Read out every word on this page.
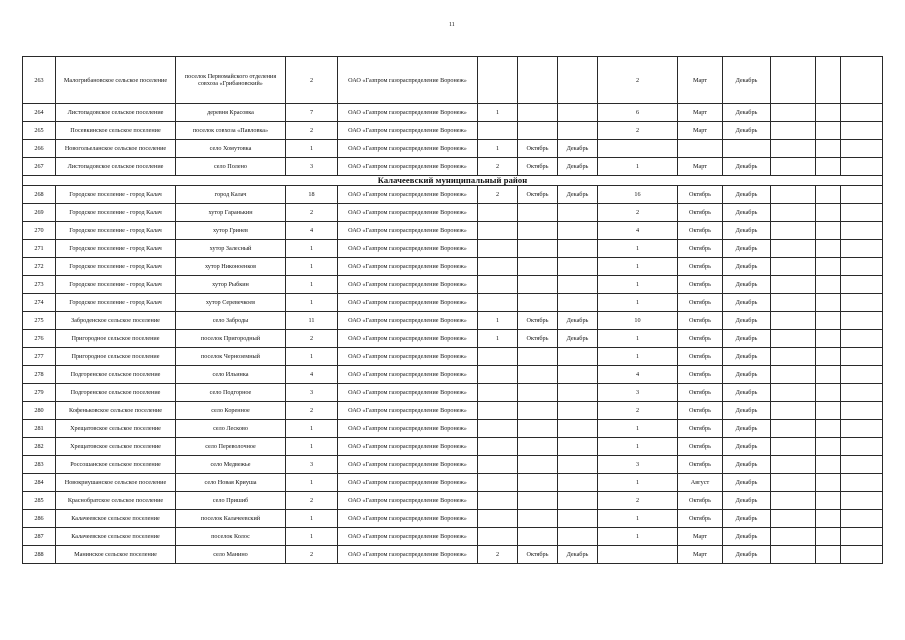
11
263	Малогрибановское сельское поселение	поселок Первомайского отделения совхоза «Грибановский»	2	ОАО «Газпром газораспределение Воронеж»				2	Март	Декабрь			
264	Листопадовское сельское поселение	деревня Красовка	7	ОАО «Газпром газораспределение Воронеж»	1			6	Март	Декабрь			
265	Посевкинское сельское поселение	поселок совхоза «Павловка»	2	ОАО «Газпром газораспределение Воронеж»				2	Март	Декабрь			
266	Новогольеланское сельское поселение	село Хомутовка	1	ОАО «Газпром газораспределение Воронеж»	1	Октябрь	Декабрь						
267	Листопадовское сельское поселение	село Полено	3	ОАО «Газпром газораспределение Воронеж»	2	Октябрь	Декабрь	1	Март	Декабрь			
Калачеевский муниципальный район													
268	Городское поселение - город Калач	город Калач	18	ОАО «Газпром газораспределение Воронеж»	2	Октябрь	Декабрь	16	Октябрь	Декабрь			
269	Городское поселение - город Калач	хутор Гаранькин	2	ОАО «Газпром газораспределение Воронеж»				2	Октябрь	Декабрь			
270	Городское поселение - город Калач	хутор Гринев	4	ОАО «Газпром газораспределение Воронеж»				4	Октябрь	Декабрь			
271	Городское поселение - город Калач	хутор Залесный	1	ОАО «Газпром газораспределение Воронеж»				1	Октябрь	Декабрь			
272	Городское поселение - город Калач	хутор Никоноенков	1	ОАО «Газпром газораспределение Воронеж»				1	Октябрь	Декабрь			
273	Городское поселение - город Калач	хутор Рыбкин	1	ОАО «Газпром газораспределение Воронеж»				1	Октябрь	Декабрь			
274	Городское поселение - город Калач	хутор Серевечкоев	1	ОАО «Газпром газораспределение Воронеж»				1	Октябрь	Декабрь			
275	Заброденское сельское поселение	село Заброды	11	ОАО «Газпром газораспределение Воронеж»	1	Октябрь	Декабрь	10	Октябрь	Декабрь			
276	Пригородное сельское поселение	поселок Пригородный	2	ОАО «Газпром газораспределение Воронеж»	1	Октябрь	Декабрь	1	Октябрь	Декабрь			
277	Пригородное сельское поселение	поселок Черноземный	1	ОАО «Газпром газораспределение Воронеж»				1	Октябрь	Декабрь			
278	Подгоренское сельское поселение	село Ильинка	4	ОАО «Газпром газораспределение Воронеж»				4	Октябрь	Декабрь			
279	Подгоренское сельское поселение	село Подгорное	3	ОАО «Газпром газораспределение Воронеж»				3	Октябрь	Декабрь			
280	Кофеньковское сельское поселение	село Коренное	2	ОАО «Газпром газораспределение Воронеж»				2	Октябрь	Декабрь			
281	Хрещатовское сельское поселение	село Лесково	1	ОАО «Газпром газораспределение Воронеж»				1	Октябрь	Декабрь			
282	Хрещатовское сельское поселение	село Переволочное	1	ОАО «Газпром газораспределение Воронеж»				1	Октябрь	Декабрь			
283	Россошанское сельское поселение	село Медвежье	3	ОАО «Газпром газораспределение Воронеж»				3	Октябрь	Декабрь			
284	Новокриушанское сельское поселение	село Новая Криуша	1	ОАО «Газпром газораспределение Воронеж»				1	Август	Декабрь			
285	Краснобратское сельское поселение	село Пришиб	2	ОАО «Газпром газораспределение Воронеж»				2	Октябрь	Декабрь			
286	Калачеевское сельское поселение	поселок Калачеевский	1	ОАО «Газпром газораспределение Воронеж»				1	Октябрь	Декабрь			
287	Калачеевское сельское поселение	поселок Колос	1	ОАО «Газпром газораспределение Воронеж»				1	Март	Декабрь			
288	Манинское сельское поселение	село Манино	2	ОАО «Газпром газораспределение Воронеж»	2	Октябрь	Декабрь		Март	Декабрь			
